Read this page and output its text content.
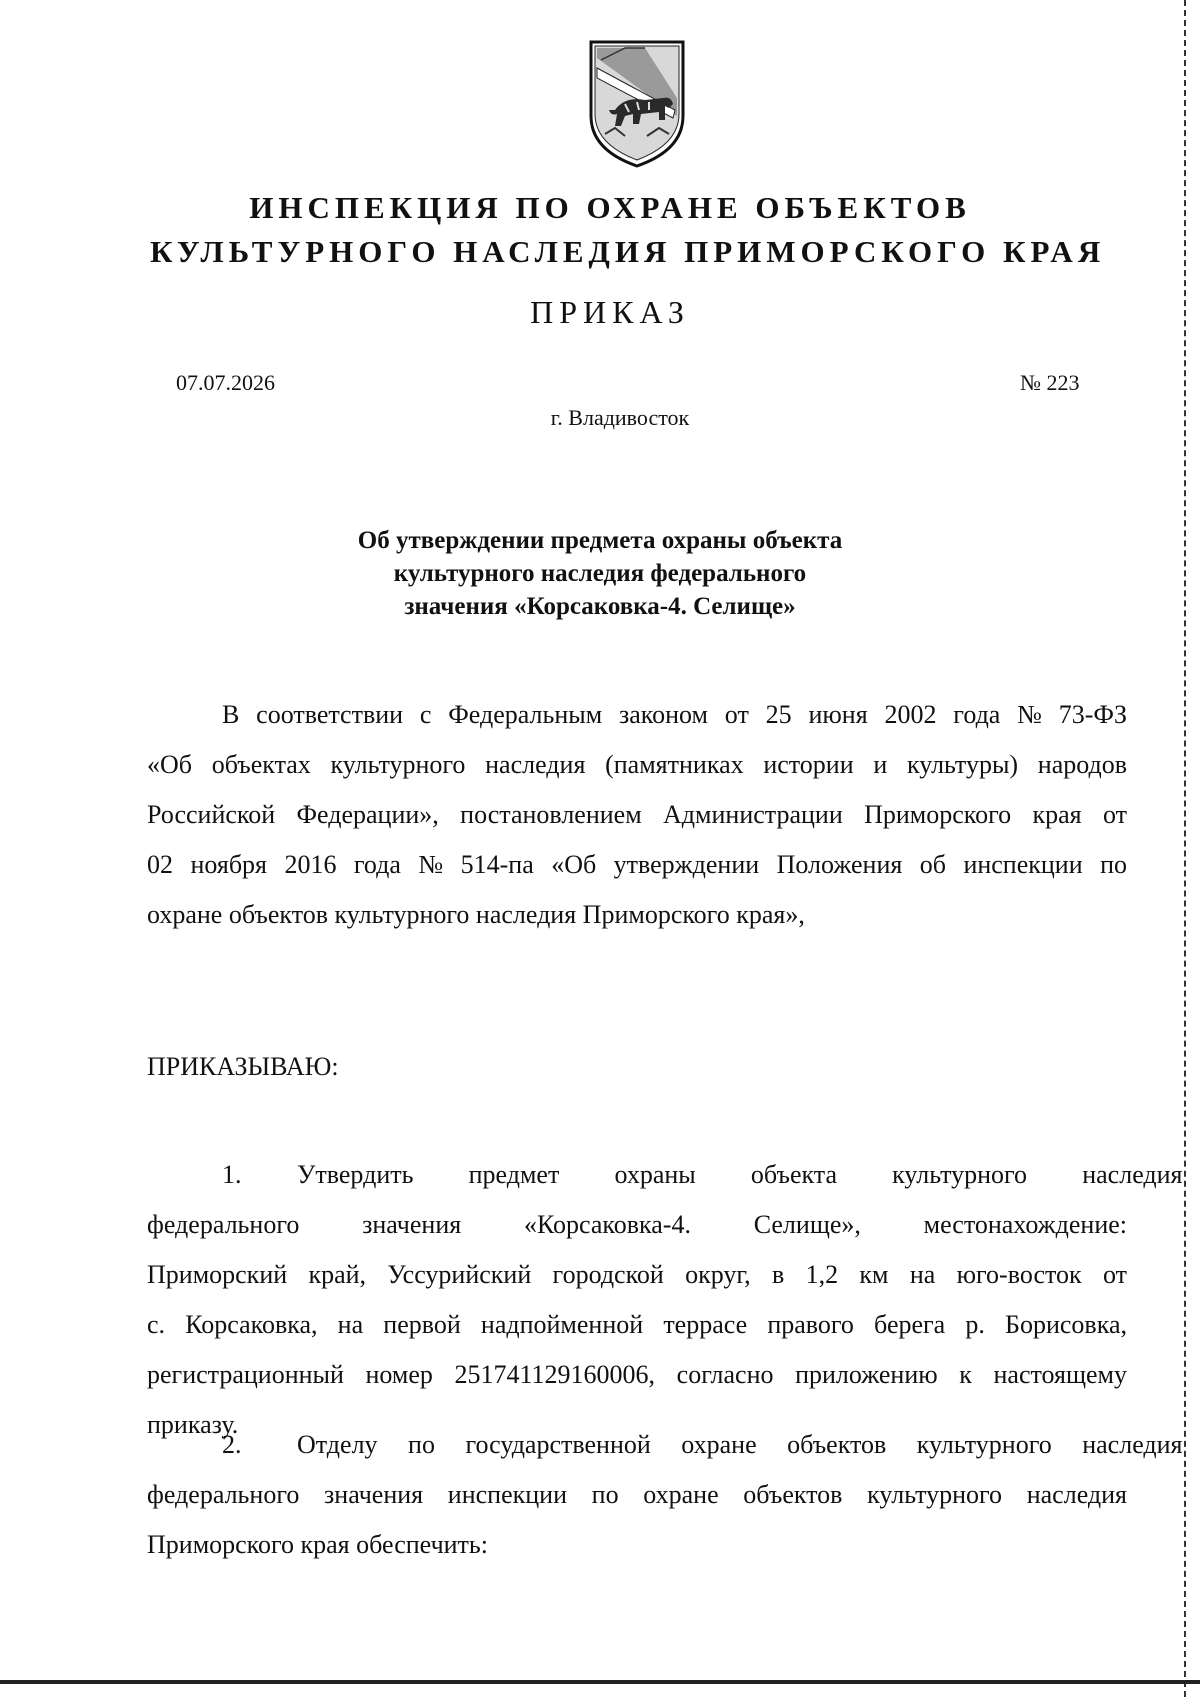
ИНСПЕКЦИЯ ПО ОХРАНЕ ОБЪЕКТОВ
КУЛЬТУРНОГО НАСЛЕДИЯ ПРИМОРСКОГО КРАЯ
ПРИКАЗ
07.07.2026	№ 223
г. Владивосток
Об утверждении предмета охраны объекта
культурного наследия федерального
значения «Корсаковка-4. Селище»
В соответствии с Федеральным законом от 25 июня 2002 года № 73-ФЗ
«Об объектах культурного наследия (памятниках истории и культуры) народов
Российской Федерации», постановлением Администрации Приморского края от
02 ноября 2016 года № 514-па «Об утверждении Положения об инспекции по
охране объектов культурного наследия Приморского края»,
ПРИКАЗЫВАЮ:
1. Утвердить предмет охраны объекта культурного наследия
федерального значения «Корсаковка-4. Селище», местонахождение:
Приморский край, Уссурийский городской округ, в 1,2 км на юго-восток от
с. Корсаковка, на первой надпойменной террасе правого берега р. Борисовка,
регистрационный номер 251741129160006, согласно приложению к настоящему
приказу.
2. Отделу по государственной охране объектов культурного наследия
федерального значения инспекции по охране объектов культурного наследия
Приморского края обеспечить:
